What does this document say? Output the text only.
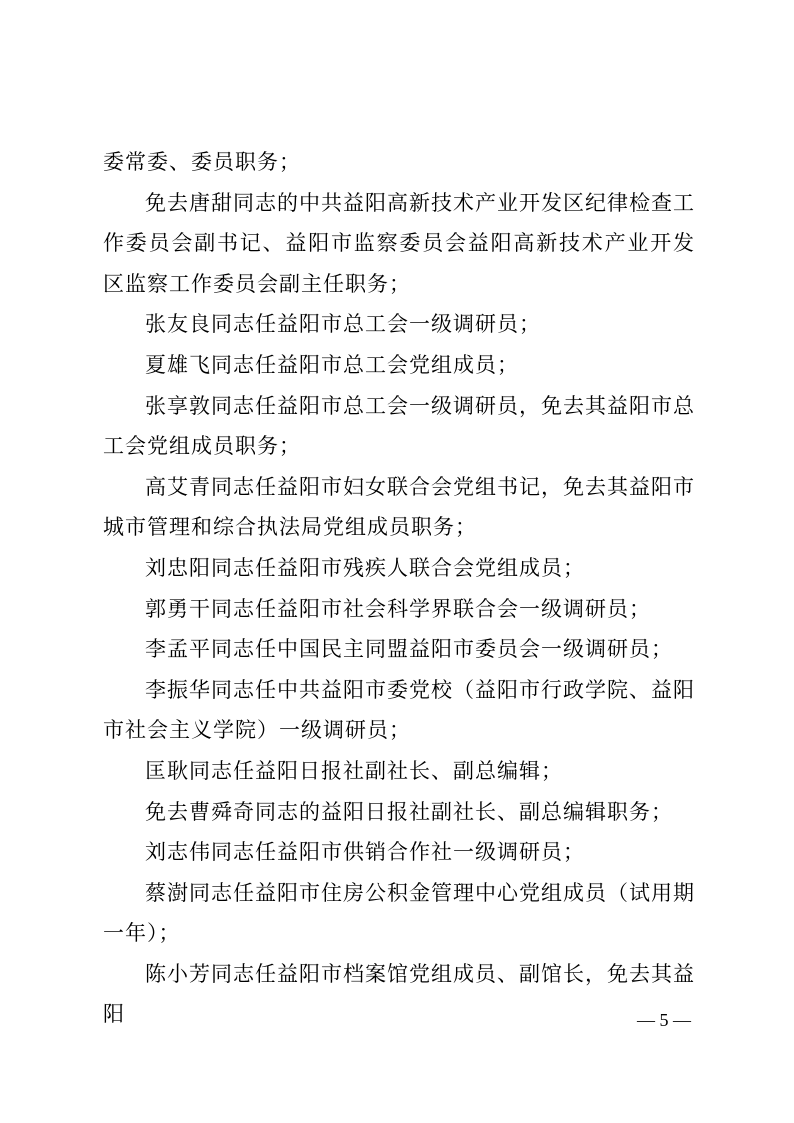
委常委、委员职务；

免去唐甜同志的中共益阳高新技术产业开发区纪律检查工作委员会副书记、益阳市监察委员会益阳高新技术产业开发区监察工作委员会副主任职务；

张友良同志任益阳市总工会一级调研员；

夏雄飞同志任益阳市总工会党组成员；

张享敦同志任益阳市总工会一级调研员，免去其益阳市总工会党组成员职务；

高艾青同志任益阳市妇女联合会党组书记，免去其益阳市城市管理和综合执法局党组成员职务；

刘忠阳同志任益阳市残疾人联合会党组成员；

郭勇干同志任益阳市社会科学界联合会一级调研员；

李孟平同志任中国民主同盟益阳市委员会一级调研员；

李振华同志任中共益阳市委党校（益阳市行政学院、益阳市社会主义学院）一级调研员；

匡耿同志任益阳日报社副社长、副总编辑；

免去曹舜奇同志的益阳日报社副社长、副总编辑职务；

刘志伟同志任益阳市供销合作社一级调研员；

蔡澍同志任益阳市住房公积金管理中心党组成员（试用期一年）；

陈小芳同志任益阳市档案馆党组成员、副馆长，免去其益阳	— 5 —
